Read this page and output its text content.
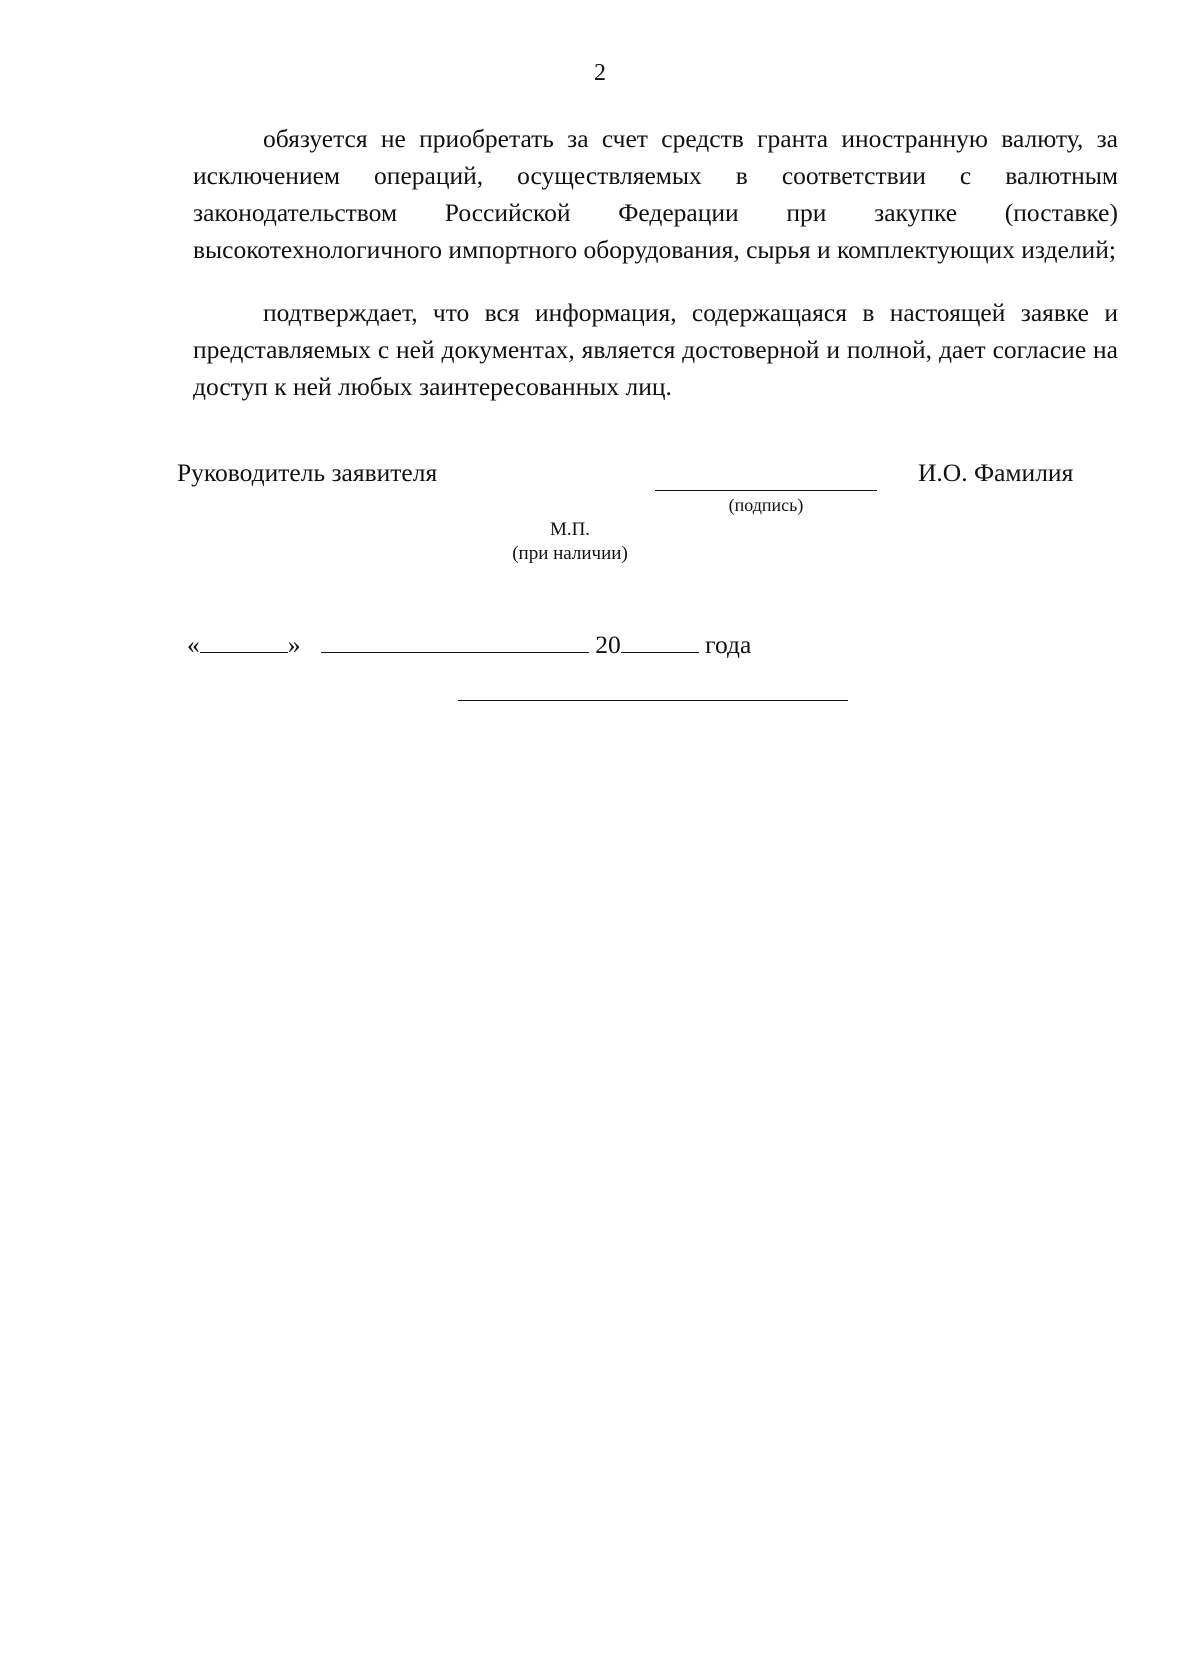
2

обязуется не приобретать за счет средств гранта иностранную валюту, за исключением операций, осуществляемых в соответствии с валютным законодательством Российской Федерации при закупке (поставке) высокотехнологичного импортного оборудования, сырья и комплектующих изделий;

подтверждает, что вся информация, содержащаяся в настоящей заявке и представляемых с ней документах, является достоверной и полной, дает согласие на доступ к ней любых заинтересованных лиц.

Руководитель заявителя
(подпись)
И.О. Фамилия
М.П.
(при наличии)
«	»	20	года
